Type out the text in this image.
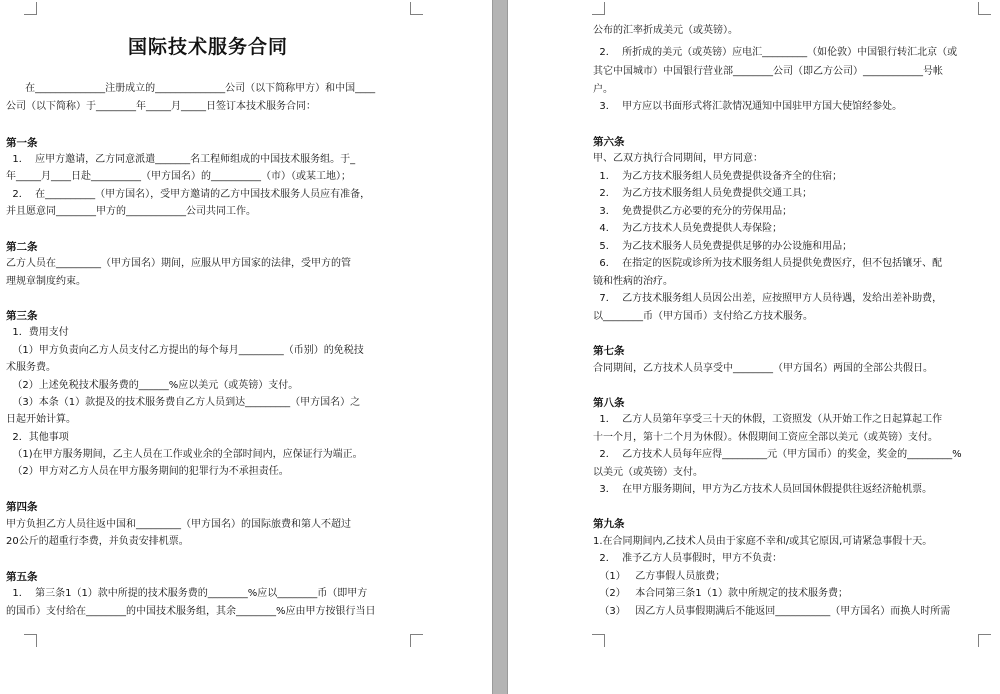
国际技术服务合同

在______________注册成立的______________公司（以下简称甲方）和中国____

公司（以下简称）于________年_____月_____日签订本技术服务合同：

第一条

1．  应甲方邀请，乙方同意派遣_______名工程师组成的中国技术服务组。于_

年_____月____日赴__________（甲方国名）的__________（市）（或某工地）；

2．  在__________（甲方国名），受甲方邀请的乙方中国技术服务人员应有准备，

并且愿意同________甲方的____________公司共同工作。

第二条

乙方人员在_________（甲方国名）期间，应服从甲方国家的法律，受甲方的管

理规章制度约束。

第三条

1．费用支付

（1）甲方负责向乙方人员支付乙方提出的每个每月_________（币别）的免税技

术服务费。

（2）上述免税技术服务费的______%应以美元（或英镑）支付。

（3）本条（1）款提及的技术服务费自乙方人员到达_________（甲方国名）之

日起开始计算。

2．其他事项

（1)在甲方服务期间，乙主人员在工作或业余的全部时间内，应保证行为端正。

（2）甲方对乙方人员在甲方服务期间的犯罪行为不承担责任。

第四条

甲方负担乙方人员往返中国和_________（甲方国名）的国际旅费和第人不超过

20公斤的超重行李费，并负责安排机票。

第五条

1．  第三条1（1）款中所提的技术服务费的________%应以________币（即甲方

的国币）支付给在________的中国技术服务组，其余________%应由甲方按银行当日

公布的汇率折成美元（或英镑）。

2．  所折成的美元（或英镑）应电汇_________（如伦敦）中国银行转汇北京（或

其它中国城市）中国银行营业部________公司（即乙方公司）____________号帐

户。

3．  甲方应以书面形式将汇款情况通知中国驻甲方国大使馆经参处。

第六条

甲、乙双方执行合同期间，甲方同意：

1．  为乙方技术服务组人员免费提供设备齐全的住宿；

2．  为乙方技术服务组人员免费提供交通工具；

3．  免费提供乙方必要的充分的劳保用品；

4．  为乙方技术人员免费提供人寿保险；

5．  为乙技术服务人员免费提供足够的办公设施和用品；

6．  在指定的医院或诊所为技术服务组人员提供免费医疗，但不包括镶牙、配

镜和性病的治疗。

7．  乙方技术服务组人员因公出差，应按照甲方人员待遇，发给出差补助费，

以________币（甲方国币）支付给乙方技术服务。

第七条

合同期间，乙方技术人员享受中________（甲方国名）两国的全部公共假日。

第八条

1．  乙方人员第年享受三十天的休假，工资照发（从开始工作之日起算起工作

十一个月，第十二个月为休假）。休假期间工资应全部以美元（或英镑）支付。

2．  乙方技术人员每年应得_________元（甲方国币）的奖金，奖金的_________%

以美元（或英镑）支付。

3．  在甲方服务期间，甲方为乙方技术人员回国休假提供往返经济舱机票。

第九条

1.在合同期间内,乙技术人员由于家庭不幸和/或其它原因,可请紧急事假十天。

2．  准予乙方人员事假时，甲方不负责：

（1）   乙方事假人员旅费；

（2）   本合同第三条1（1）款中所规定的技术服务费；

（3）   因乙方人员事假期满后不能返回___________（甲方国名）而换人时所需
